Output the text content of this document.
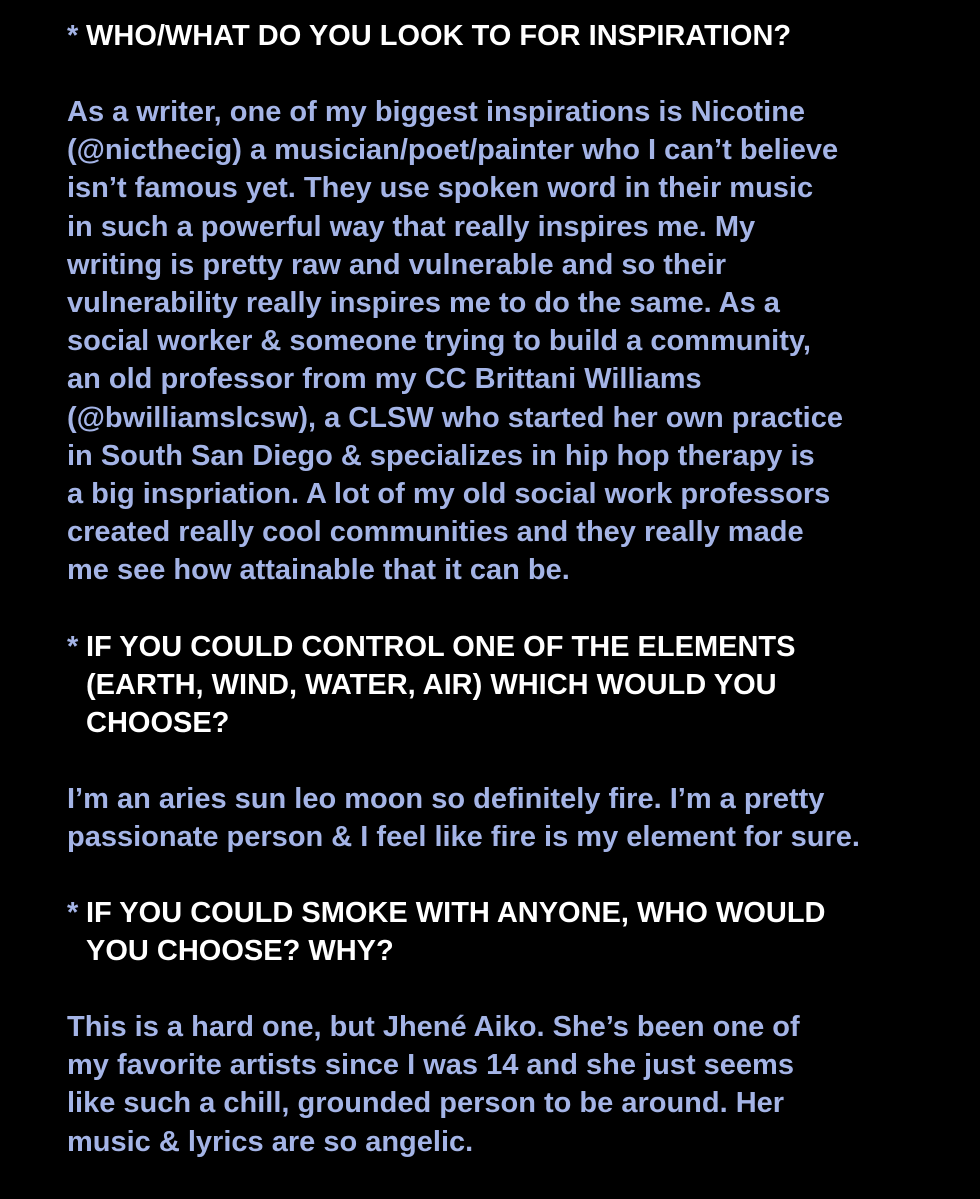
* WHO/WHAT DO YOU LOOK TO FOR INSPIRATION?

As a writer, one of my biggest inspirations is Nicotine
(@nicthecig) a musician/poet/painter who I can’t believe
isn’t famous yet. They use spoken word in their music
in such a powerful way that really inspires me. My
writing is pretty raw and vulnerable and so their
vulnerability really inspires me to do the same. As a
social worker & someone trying to build a community,
an old professor from my CC Brittani Williams
(@bwilliamslcsw), a CLSW who started her own practice
in South San Diego & specializes in hip hop therapy is
a big inspriation. A lot of my old social work professors
created really cool communities and they really made
me see how attainable that it can be.

* IF YOU COULD CONTROL ONE OF THE ELEMENTS
(EARTH, WIND, WATER, AIR) WHICH WOULD YOU
CHOOSE?

I’m an aries sun leo moon so definitely fire. I’m a pretty
passionate person & I feel like fire is my element for sure.

* IF YOU COULD SMOKE WITH ANYONE, WHO WOULD
YOU CHOOSE? WHY?

This is a hard one, but Jhené Aiko. She’s been one of
my favorite artists since I was 14 and she just seems
like such a chill, grounded person to be around. Her
music & lyrics are so angelic.
